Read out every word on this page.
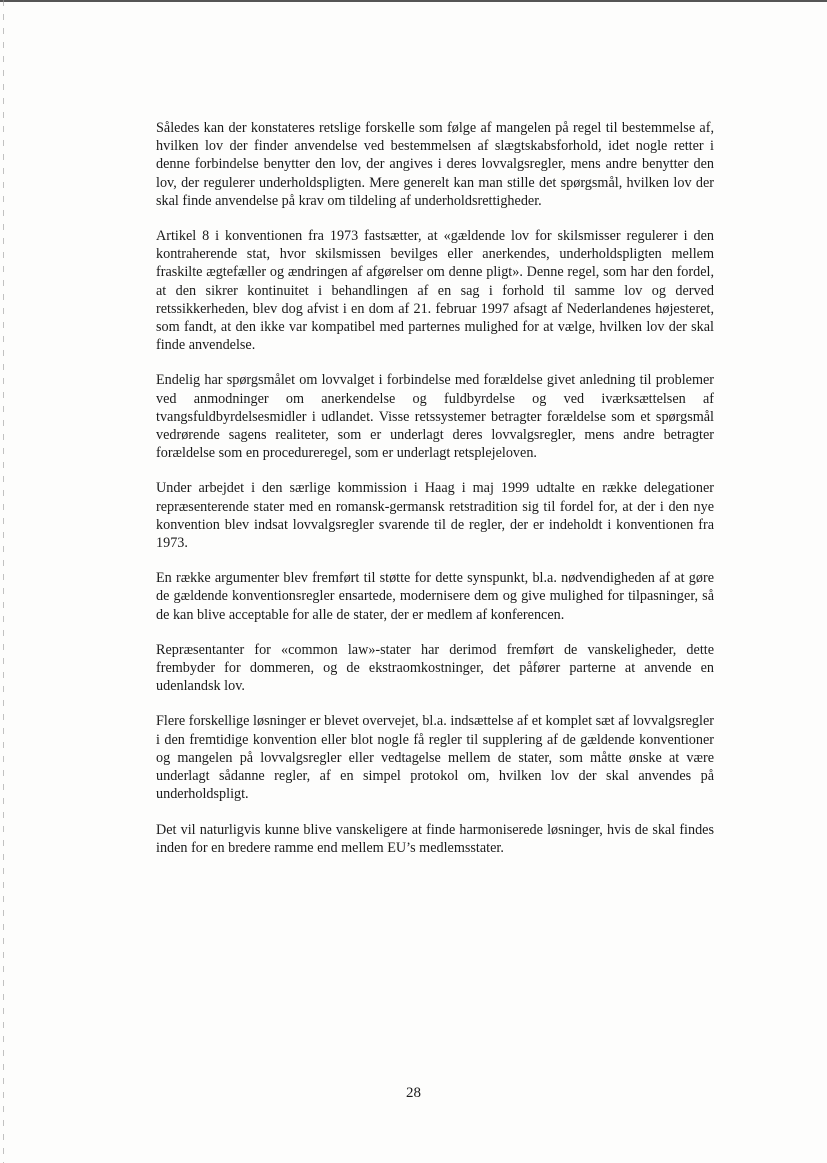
Således kan der konstateres retslige forskelle som følge af mangelen på regel til bestemmelse af, hvilken lov der finder anvendelse ved bestemmelsen af slægtskabsforhold, idet nogle retter i denne forbindelse benytter den lov, der angives i deres lovvalgsregler, mens andre benytter den lov, der regulerer underholdspligten. Mere generelt kan man stille det spørgsmål, hvilken lov der skal finde anvendelse på krav om tildeling af underholdsrettigheder.

Artikel 8 i konventionen fra 1973 fastsætter, at «gældende lov for skilsmisser regulerer i den kontraherende stat, hvor skilsmissen bevilges eller anerkendes, underholdspligten mellem fraskilte ægtefæller og ændringen af afgørelser om denne pligt». Denne regel, som har den fordel, at den sikrer kontinuitet i behandlingen af en sag i forhold til samme lov og derved retssikkerheden, blev dog afvist i en dom af 21. februar 1997 afsagt af Nederlandenes højesteret, som fandt, at den ikke var kompatibel med parternes mulighed for at vælge, hvilken lov der skal finde anvendelse.

Endelig har spørgsmålet om lovvalget i forbindelse med forældelse givet anledning til problemer ved anmodninger om anerkendelse og fuldbyrdelse og ved iværksættelsen af tvangsfuldbyrdelsesmidler i udlandet. Visse retssystemer betragter forældelse som et spørgsmål vedrørende sagens realiteter, som er underlagt deres lovvalgsregler, mens andre betragter forældelse som en procedureregel, som er underlagt retsplejeloven.

Under arbejdet i den særlige kommission i Haag i maj 1999 udtalte en række delegationer repræsenterende stater med en romansk-germansk retstradition sig til fordel for, at der i den nye konvention blev indsat lovvalgsregler svarende til de regler, der er indeholdt i konventionen fra 1973.

En række argumenter blev fremført til støtte for dette synspunkt, bl.a. nødvendigheden af at gøre de gældende konventionsregler ensartede, modernisere dem og give mulighed for tilpasninger, så de kan blive acceptable for alle de stater, der er medlem af konferencen.

Repræsentanter for «common law»-stater har derimod fremført de vanskeligheder, dette frembyder for dommeren, og de ekstraomkostninger, det påfører parterne at anvende en udenlandsk lov.

Flere forskellige løsninger er blevet overvejet, bl.a. indsættelse af et komplet sæt af lovvalgsregler i den fremtidige konvention eller blot nogle få regler til supplering af de gældende konventioner og mangelen på lovvalgsregler eller vedtagelse mellem de stater, som måtte ønske at være underlagt sådanne regler, af en simpel protokol om, hvilken lov der skal anvendes på underholdspligt.

Det vil naturligvis kunne blive vanskeligere at finde harmoniserede løsninger, hvis de skal findes inden for en bredere ramme end mellem EU’s medlemsstater.

28
